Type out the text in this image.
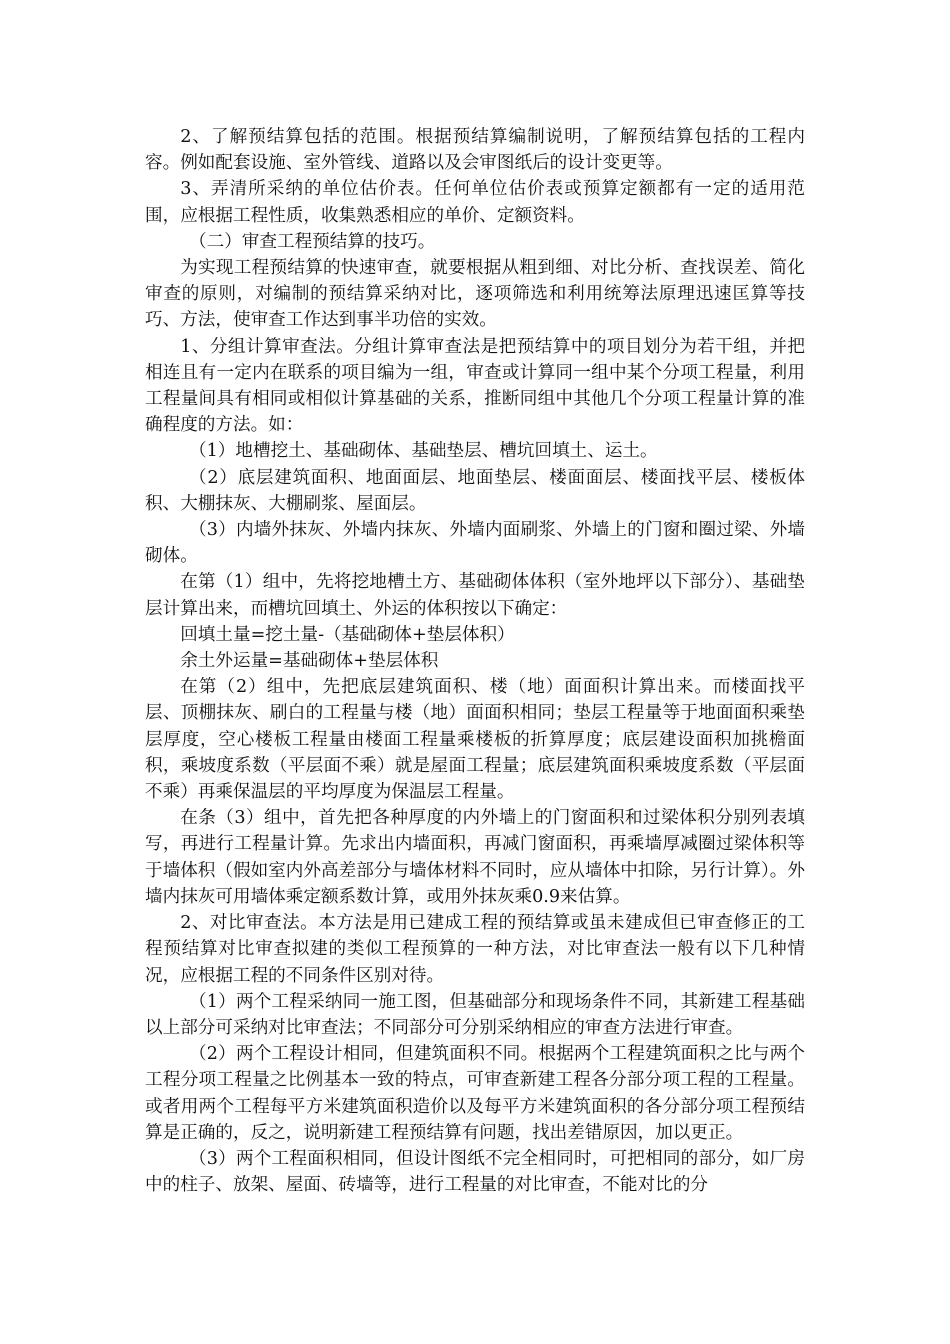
2、了解预结算包括的范围。根据预结算编制说明，了解预结算包括的工程内容。例如配套设施、室外管线、道路以及会审图纸后的设计变更等。

3、弄清所采纳的单位估价表。任何单位估价表或预算定额都有一定的适用范围，应根据工程性质，收集熟悉相应的单价、定额资料。

（二）审查工程预结算的技巧。

为实现工程预结算的快速审查，就要根据从粗到细、对比分析、查找误差、简化审查的原则，对编制的预结算采纳对比，逐项筛选和利用统筹法原理迅速匡算等技巧、方法，使审查工作达到事半功倍的实效。

1、分组计算审查法。分组计算审查法是把预结算中的项目划分为若干组，并把相连且有一定内在联系的项目编为一组，审查或计算同一组中某个分项工程量，利用工程量间具有相同或相似计算基础的关系，推断同组中其他几个分项工程量计算的准确程度的方法。如：

（1）地槽挖土、基础砌体、基础垫层、槽坑回填土、运土。

（2）底层建筑面积、地面面层、地面垫层、楼面面层、楼面找平层、楼板体积、大棚抹灰、大棚刷浆、屋面层。

（3）内墙外抹灰、外墙内抹灰、外墙内面刷浆、外墙上的门窗和圈过梁、外墙砌体。

在第（1）组中，先将挖地槽土方、基础砌体体积（室外地坪以下部分）、基础垫层计算出来，而槽坑回填土、外运的体积按以下确定：

回填土量=挖土量-（基础砌体+垫层体积）

余土外运量=基础砌体+垫层体积

在第（2）组中，先把底层建筑面积、楼（地）面面积计算出来。而楼面找平层、顶棚抹灰、刷白的工程量与楼（地）面面积相同；垫层工程量等于地面面积乘垫层厚度，空心楼板工程量由楼面工程量乘楼板的折算厚度；底层建设面积加挑檐面积，乘坡度系数（平层面不乘）就是屋面工程量；底层建筑面积乘坡度系数（平层面不乘）再乘保温层的平均厚度为保温层工程量。

在条（3）组中，首先把各种厚度的内外墙上的门窗面积和过梁体积分别列表填写，再进行工程量计算。先求出内墙面积，再减门窗面积，再乘墙厚减圈过梁体积等于墙体积（假如室内外高差部分与墙体材料不同时，应从墙体中扣除，另行计算）。外墙内抹灰可用墙体乘定额系数计算，或用外抹灰乘0.9来估算。

2、对比审查法。本方法是用已建成工程的预结算或虽未建成但已审查修正的工程预结算对比审查拟建的类似工程预算的一种方法，对比审查法一般有以下几种情况，应根据工程的不同条件区别对待。

（1）两个工程采纳同一施工图，但基础部分和现场条件不同，其新建工程基础以上部分可采纳对比审查法；不同部分可分别采纳相应的审查方法进行审查。

（2）两个工程设计相同，但建筑面积不同。根据两个工程建筑面积之比与两个工程分项工程量之比例基本一致的特点，可审查新建工程各分部分项工程的工程量。或者用两个工程每平方米建筑面积造价以及每平方米建筑面积的各分部分项工程预结算是正确的，反之，说明新建工程预结算有问题，找出差错原因，加以更正。

（3）两个工程面积相同，但设计图纸不完全相同时，可把相同的部分，如厂房中的柱子、放架、屋面、砖墙等，进行工程量的对比审查，不能对比的分
